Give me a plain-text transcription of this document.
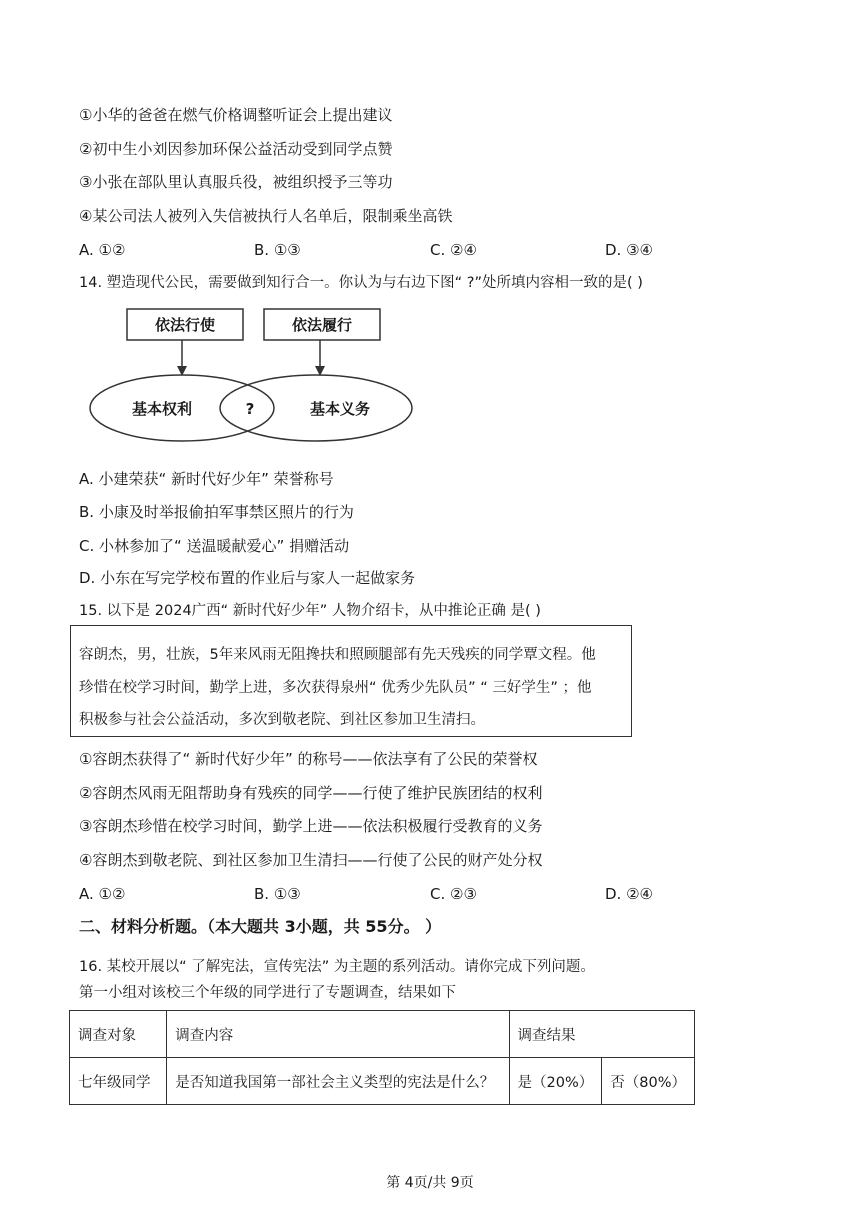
①小华的爸爸在燃气价格调整听证会上提出建议
②初中生小刘因参加环保公益活动受到同学点赞
③小张在部队里认真服兵役，被组织授予三等功
④某公司法人被列入失信被执行人名单后，限制乘坐高铁
A. ①②	B. ①③	C. ②④	D. ③④
14. 塑造现代公民，需要做到知行合一。你认为与右边下图“ ?”处所填内容相一致的是( )
依法行使	依法履行
基本权利	?	基本义务
A. 小建荣获“ 新时代好少年” 荣誉称号
B. 小康及时举报偷拍军事禁区照片的行为
C. 小林参加了“ 送温暖献爱心” 捐赠活动
D. 小东在写完学校布置的作业后与家人一起做家务
15. 以下是 2024广西“ 新时代好少年” 人物介绍卡，从中推论正确 是( )
容朗杰，男，壮族，5年来风雨无阻搀扶和照顾腿部有先天残疾的同学覃文程。他
珍惜在校学习时间，勤学上进，多次获得泉州“ 优秀少先队员” “ 三好学生” ；他
积极参与社会公益活动，多次到敬老院、到社区参加卫生清扫。
①容朗杰获得了“ 新时代好少年” 的称号——依法享有了公民的荣誉权
②容朗杰风雨无阻帮助身有残疾的同学——行使了维护民族团结的权利
③容朗杰珍惜在校学习时间，勤学上进——依法积极履行受教育的义务
④容朗杰到敬老院、到社区参加卫生清扫——行使了公民的财产处分权
A. ①②	B. ①③	C. ②③	D. ②④
二、材料分析题。（本大题共 3小题，共 55分。 ）
16. 某校开展以“ 了解宪法，宣传宪法” 为主题的系列活动。请你完成下列问题。
第一小组对该校三个年级的同学进行了专题调查，结果如下
调查对象	调查内容	调查结果	
七年级同学	是否知道我国第一部社会主义类型的宪法是什么？	是（20%）	否（80%）
第 4页/共 9页
